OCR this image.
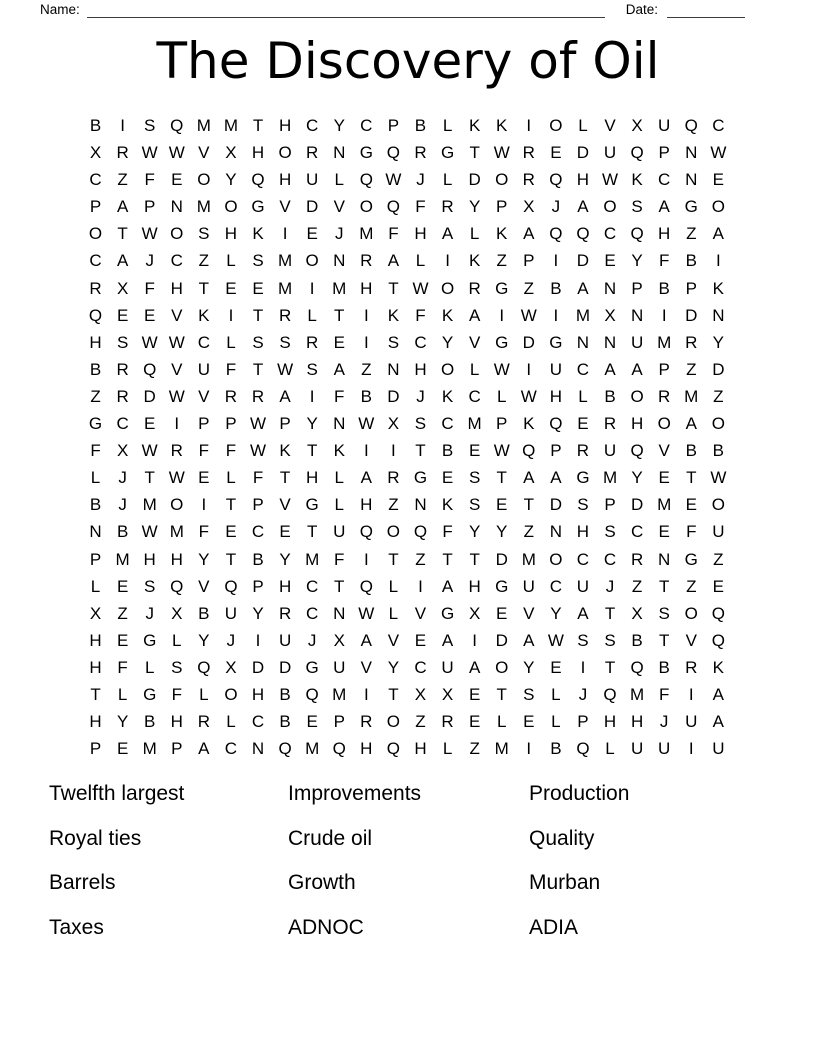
Name:	Date:
The Discovery of Oil
B	I	S Q M M T H C Y C P B L K K	I	O L V X U Q C
X R W W V X H O R N G Q R G T W R E D U Q P N W
C Z F E O Y Q H U L Q W J	L D O R Q H W K C N E
P A P N M O G V D V O Q F R Y P X	J	A O S A G O
O T W O S H K	I	E	J M F H A L K A Q Q C Q H Z A
C A	J C Z	L S M O N R A L	I	K Z P	I	D E Y F B	I
R X F H T E E M	I	M H T W O R G Z B A N P B P K
Q E E V K	I	T R L	T	I	K F K A	I W I	M X N	I	D N
H S W W C L S S R E	I	S C Y V G D G N N U M R Y
B R Q V U F T W S A Z N H O L W I	U C A A P Z D
Z R D W V R R A	I	F B D J	K C L W H L B O R M Z
G C E	I	P P W P Y N W X S C M P K Q E R H O A O
F X W R F F W K T K	I	I	T B E W Q P R U Q V B B
L	J	T W E L	F T H L A R G E S T A A G M Y E T W
B	J M O	I	T P V G L H Z N K S E T D S P D M E O
N B W M F E C E T U Q O Q F Y Y Z N H S C E F U
P M H H Y T B Y M F	I	T Z T T D M O C C R N G Z
L E S Q V Q P H C T Q L	I	A H G U C U J	Z T Z E
X Z	J	X B U Y R C N W L V G X E V Y A T X S O Q
H E G L Y	J	I	U J	X A V E A	I	D A W S S B T V Q
H F	L S Q X D D G U V Y C U A O Y E	I	T Q B R K
T	L G F	L O H B Q M	I	T X X E T S L	J Q M F	I	A
H Y B H R L C B E P R O Z R E L E L P H H J U A
P E M P A C N Q M Q H Q H L	Z M	I	B Q L U U	I	U
Twelfth largest
Royal ties
Barrels
Taxes
Improvements
Crude oil
Growth
ADNOC
Production
Quality
Murban
ADIA
